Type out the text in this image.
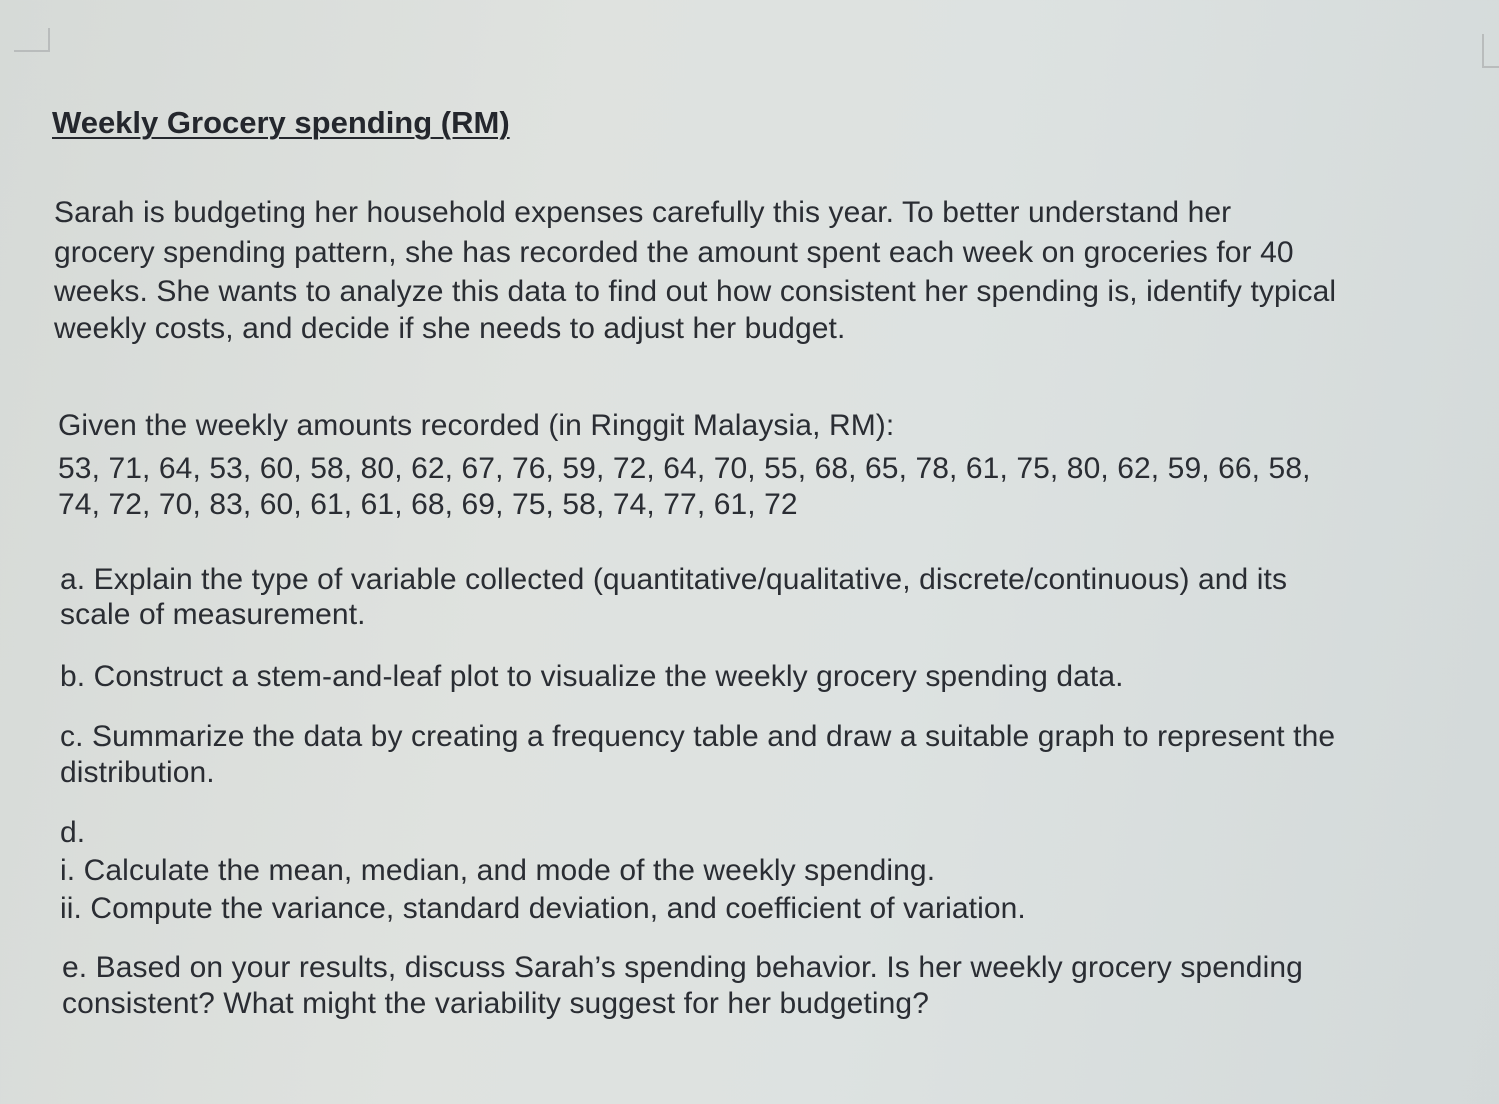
Weekly Grocery spending (RM)
Sarah is budgeting her household expenses carefully this year. To better understand her
grocery spending pattern, she has recorded the amount spent each week on groceries for 40
weeks. She wants to analyze this data to find out how consistent her spending is, identify typical
weekly costs, and decide if she needs to adjust her budget.
Given the weekly amounts recorded (in Ringgit Malaysia, RM):
53, 71, 64, 53, 60, 58, 80, 62, 67, 76, 59, 72, 64, 70, 55, 68, 65, 78, 61, 75, 80, 62, 59, 66, 58,
74, 72, 70, 83, 60, 61, 61, 68, 69, 75, 58, 74, 77, 61, 72
a. Explain the type of variable collected (quantitative/qualitative, discrete/continuous) and its
scale of measurement.
b. Construct a stem-and-leaf plot to visualize the weekly grocery spending data.
c. Summarize the data by creating a frequency table and draw a suitable graph to represent the
distribution.
d.
i. Calculate the mean, median, and mode of the weekly spending.
ii. Compute the variance, standard deviation, and coefficient of variation.
e. Based on your results, discuss Sarah’s spending behavior. Is her weekly grocery spending
consistent? What might the variability suggest for her budgeting?
